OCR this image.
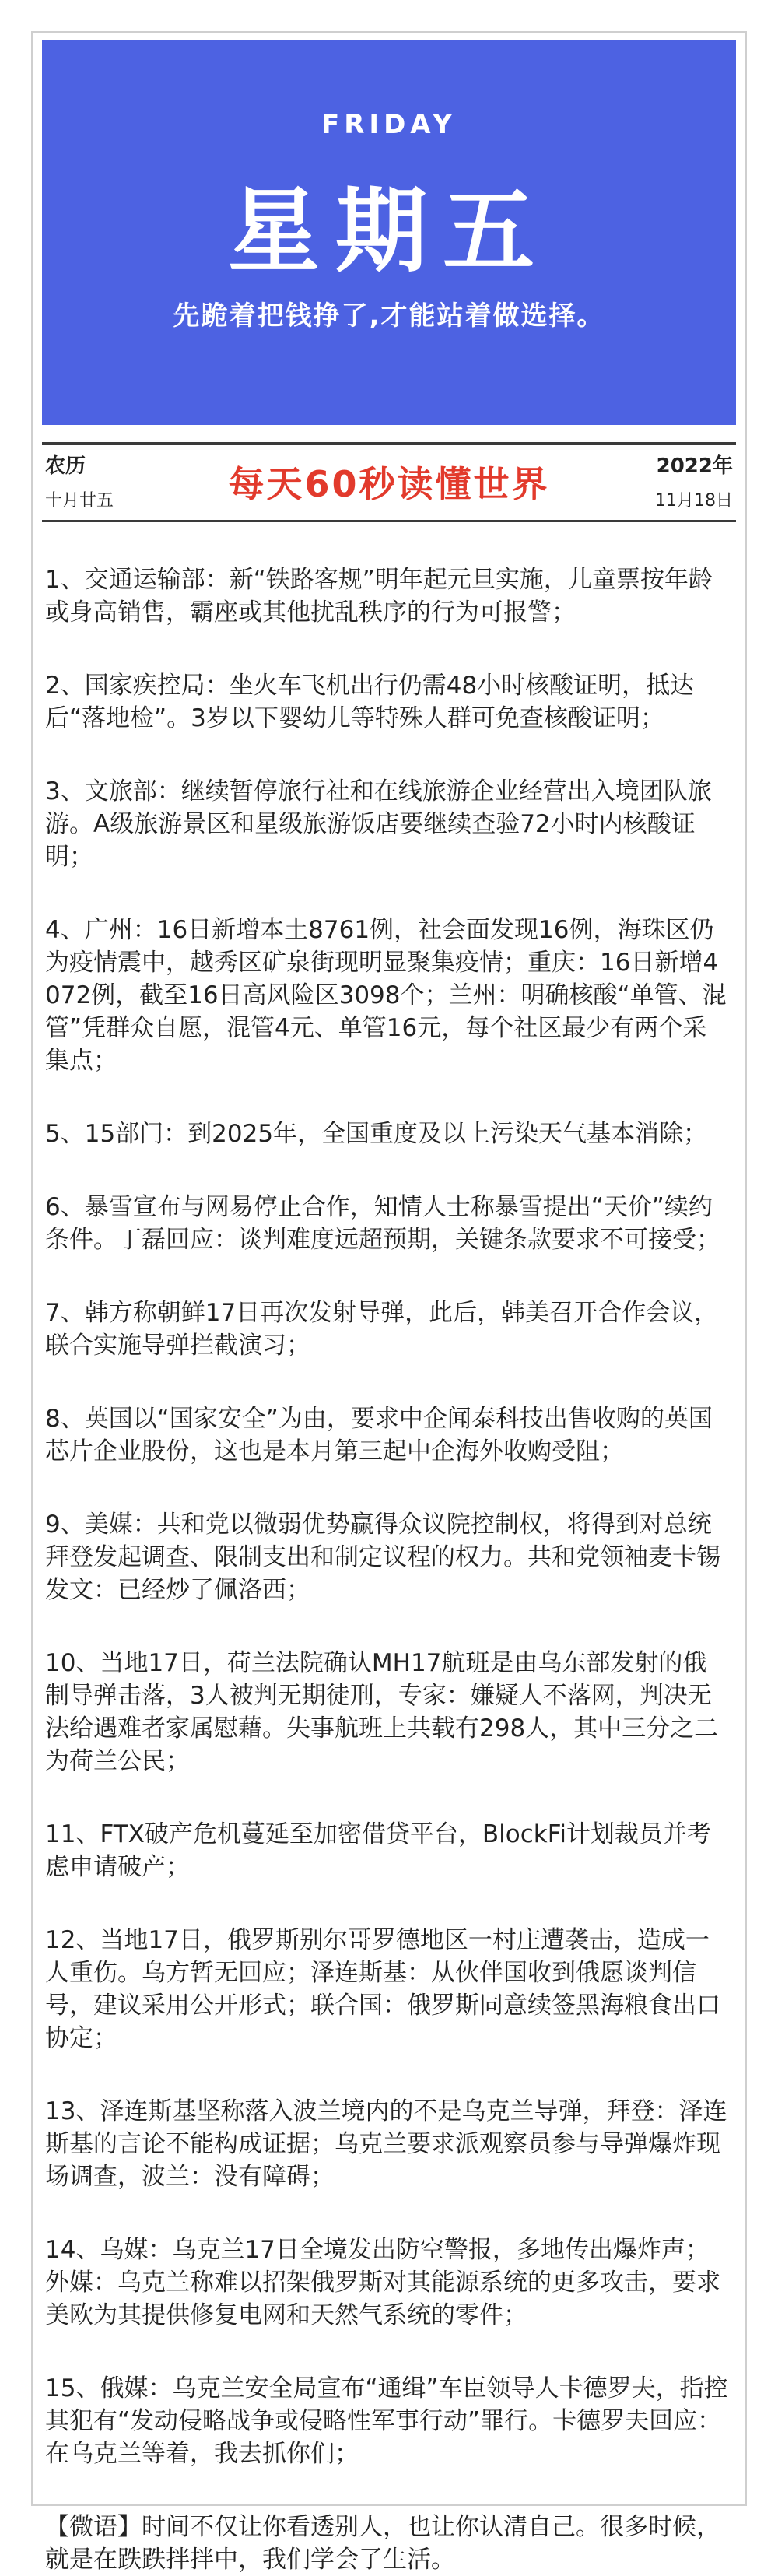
FRIDAY
星期五
先跪着把钱挣了,才能站着做选择。
农历
十月廿五	每天60秒读懂世界	2022年
11月18日

1、交通运输部：新“铁路客规”明年起元旦实施，儿童票按年龄或身高销售，霸座或其他扰乱秩序的行为可报警；

2、国家疾控局：坐火车飞机出行仍需48小时核酸证明，抵达后“落地检”。3岁以下婴幼儿等特殊人群可免查核酸证明；

3、文旅部：继续暂停旅行社和在线旅游企业经营出入境团队旅游。A级旅游景区和星级旅游饭店要继续查验72小时内核酸证明；

4、广州：16日新增本土8761例，社会面发现16例，海珠区仍为疫情震中，越秀区矿泉街现明显聚集疫情；重庆：16日新增4072例，截至16日高风险区3098个；兰州：明确核酸“单管、混管”凭群众自愿，混管4元、单管16元，每个社区最少有两个采集点；

5、15部门：到2025年，全国重度及以上污染天气基本消除；

6、暴雪宣布与网易停止合作，知情人士称暴雪提出“天价”续约条件。丁磊回应：谈判难度远超预期，关键条款要求不可接受；

7、韩方称朝鲜17日再次发射导弹，此后，韩美召开合作会议，联合实施导弹拦截演习；

8、英国以“国家安全”为由，要求中企闻泰科技出售收购的英国芯片企业股份，这也是本月第三起中企海外收购受阻；

9、美媒：共和党以微弱优势赢得众议院控制权，将得到对总统拜登发起调查、限制支出和制定议程的权力。共和党领袖麦卡锡发文：已经炒了佩洛西；

10、当地17日，荷兰法院确认MH17航班是由乌东部发射的俄制导弹击落，3人被判无期徒刑，专家：嫌疑人不落网，判决无法给遇难者家属慰藉。失事航班上共载有298人，其中三分之二为荷兰公民；

11、FTX破产危机蔓延至加密借贷平台，BlockFi计划裁员并考虑申请破产；

12、当地17日，俄罗斯别尔哥罗德地区一村庄遭袭击，造成一人重伤。乌方暂无回应；泽连斯基：从伙伴国收到俄愿谈判信号，建议采用公开形式；联合国：俄罗斯同意续签黑海粮食出口协定；

13、泽连斯基坚称落入波兰境内的不是乌克兰导弹，拜登：泽连斯基的言论不能构成证据；乌克兰要求派观察员参与导弹爆炸现场调查，波兰：没有障碍；

14、乌媒：乌克兰17日全境发出防空警报，多地传出爆炸声；外媒：乌克兰称难以招架俄罗斯对其能源系统的更多攻击，要求美欧为其提供修复电网和天然气系统的零件；

15、俄媒：乌克兰安全局宣布“通缉”车臣领导人卡德罗夫，指控其犯有“发动侵略战争或侵略性军事行动”罪行。卡德罗夫回应：在乌克兰等着，我去抓你们；

【微语】时间不仅让你看透别人，也让你认清自己。很多时候，就是在跌跌拌拌中，我们学会了生活。
